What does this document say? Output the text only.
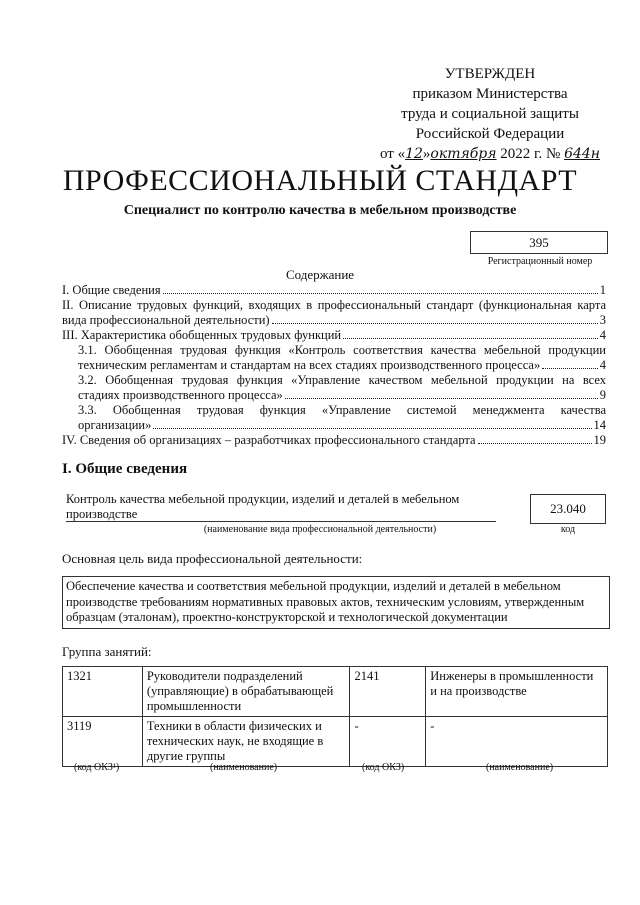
УТВЕРЖДЕН
приказом Министерства
труда и социальной защиты
Российской Федерации
от «12»октября 2022 г. № 644н
ПРОФЕССИОНАЛЬНЫЙ СТАНДАРТ
Специалист по контролю качества в мебельном производстве
395
Регистрационный номер
Содержание
I. Общие сведения	1
II. Описание трудовых функций, входящих в профессиональный стандарт (функциональная карта
вида профессиональной деятельности)	3
III. Характеристика обобщенных трудовых функций	4
3.1. Обобщенная трудовая функция «Контроль соответствия качества мебельной продукции
техническим регламентам и стандартам на всех стадиях производственного процесса»	4
3.2. Обобщенная трудовая функция «Управление качеством мебельной продукции на всех
стадиях производственного процесса»	9
3.3. Обобщенная трудовая функция «Управление системой менеджмента качества
организации»	14
IV. Сведения об организациях – разработчиках профессионального стандарта	19
I. Общие сведения
Контроль качества мебельной продукции, изделий и деталей в мебельном производстве
(наименование вида профессиональной деятельности)
23.040
код
Основная цель вида профессиональной деятельности:
Обеспечение качества и соответствия мебельной продукции, изделий и деталей в мебельном производстве требованиям нормативных правовых актов, техническим условиям, утвержденным образцам (эталонам), проектно-конструкторской и технологической документации
Группа занятий:
1321	Руководители подразделений (управляющие) в обрабатывающей промышленности	2141	Инженеры в промышленности и на производстве
3119	Техники в области физических и технических наук, не входящие в другие группы	-	-
(код ОКЗ¹)	(наименование)	(код ОКЗ)	(наименование)
